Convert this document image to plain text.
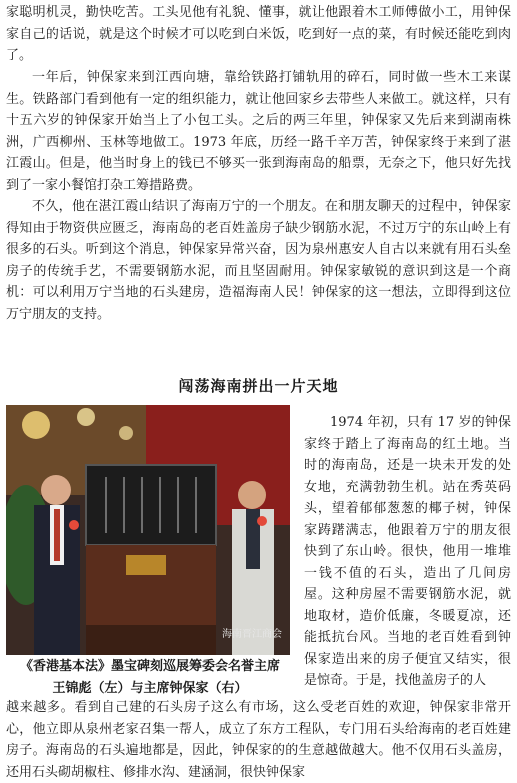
家聪明机灵，勤快吃苦。工头见他有礼貌、懂事，就让他跟着木工师傅做小工，用钟保家自己的话说，就是这个时候才可以吃到白米饭，吃到好一点的菜，有时候还能吃到肉了。

一年后，钟保家来到江西向塘，靠给铁路打铺轨用的碎石，同时做一些木工来谋生。铁路部门看到他有一定的组织能力，就让他回家乡去带些人来做工。就这样，只有十五六岁的钟保家开始当上了小包工头。之后的两三年里，钟保家又先后来到湖南株洲，广西柳州、玉林等地做工。1973 年底，历经一路千辛万苦，钟保家终于来到了湛江霞山。但是，他当时身上的钱已不够买一张到海南岛的船票，无奈之下，他只好先找到了一家小餐馆打杂工筹措路费。

不久，他在湛江霞山结识了海南万宁的一个朋友。在和朋友聊天的过程中，钟保家得知由于物资供应匮乏，海南岛的老百姓盖房子缺少钢筋水泥，不过万宁的东山岭上有很多的石头。听到这个消息，钟保家异常兴奋，因为泉州惠安人自古以来就有用石头垒房子的传统手艺，不需要钢筋水泥，而且坚固耐用。钟保家敏锐的意识到这是一个商机：可以利用万宁当地的石头建房，造福海南人民！钟保家的这一想法，立即得到这位万宁朋友的支持。

闯荡海南拼出一片天地
海南晋江商会

1974 年初，只有 17 岁的钟保家终于踏上了海南岛的红土地。当时的海南岛，还是一块未开发的处女地，充满勃勃生机。站在秀英码头，望着郁郁葱葱的椰子树，钟保家踌躇满志，他跟着万宁的朋友很快到了东山岭。很快，他用一堆堆一钱不值的石头，造出了几间房屋。这种房屋不需要钢筋水泥，就地取材，造价低廉，冬暖夏凉，还能抵抗台风。当地的老百姓看到钟保家造出来的房子便宜又结实，很是惊奇。于是，找他盖房子的人

《香港基本法》墨宝碑刻巡展筹委会名誉主席
王锦彪（左）与主席钟保家（右）

越来越多。看到自己建的石头房子这么有市场，这么受老百姓的欢迎，钟保家非常开心，他立即从泉州老家召集一帮人，成立了东方工程队，专门用石头给海南的老百姓建房子。海南岛的石头遍地都是，因此，钟保家的的生意越做越大。他不仅用石头盖房，还用石头砌胡椒柱、修排水沟、建涵洞，很快钟保家
